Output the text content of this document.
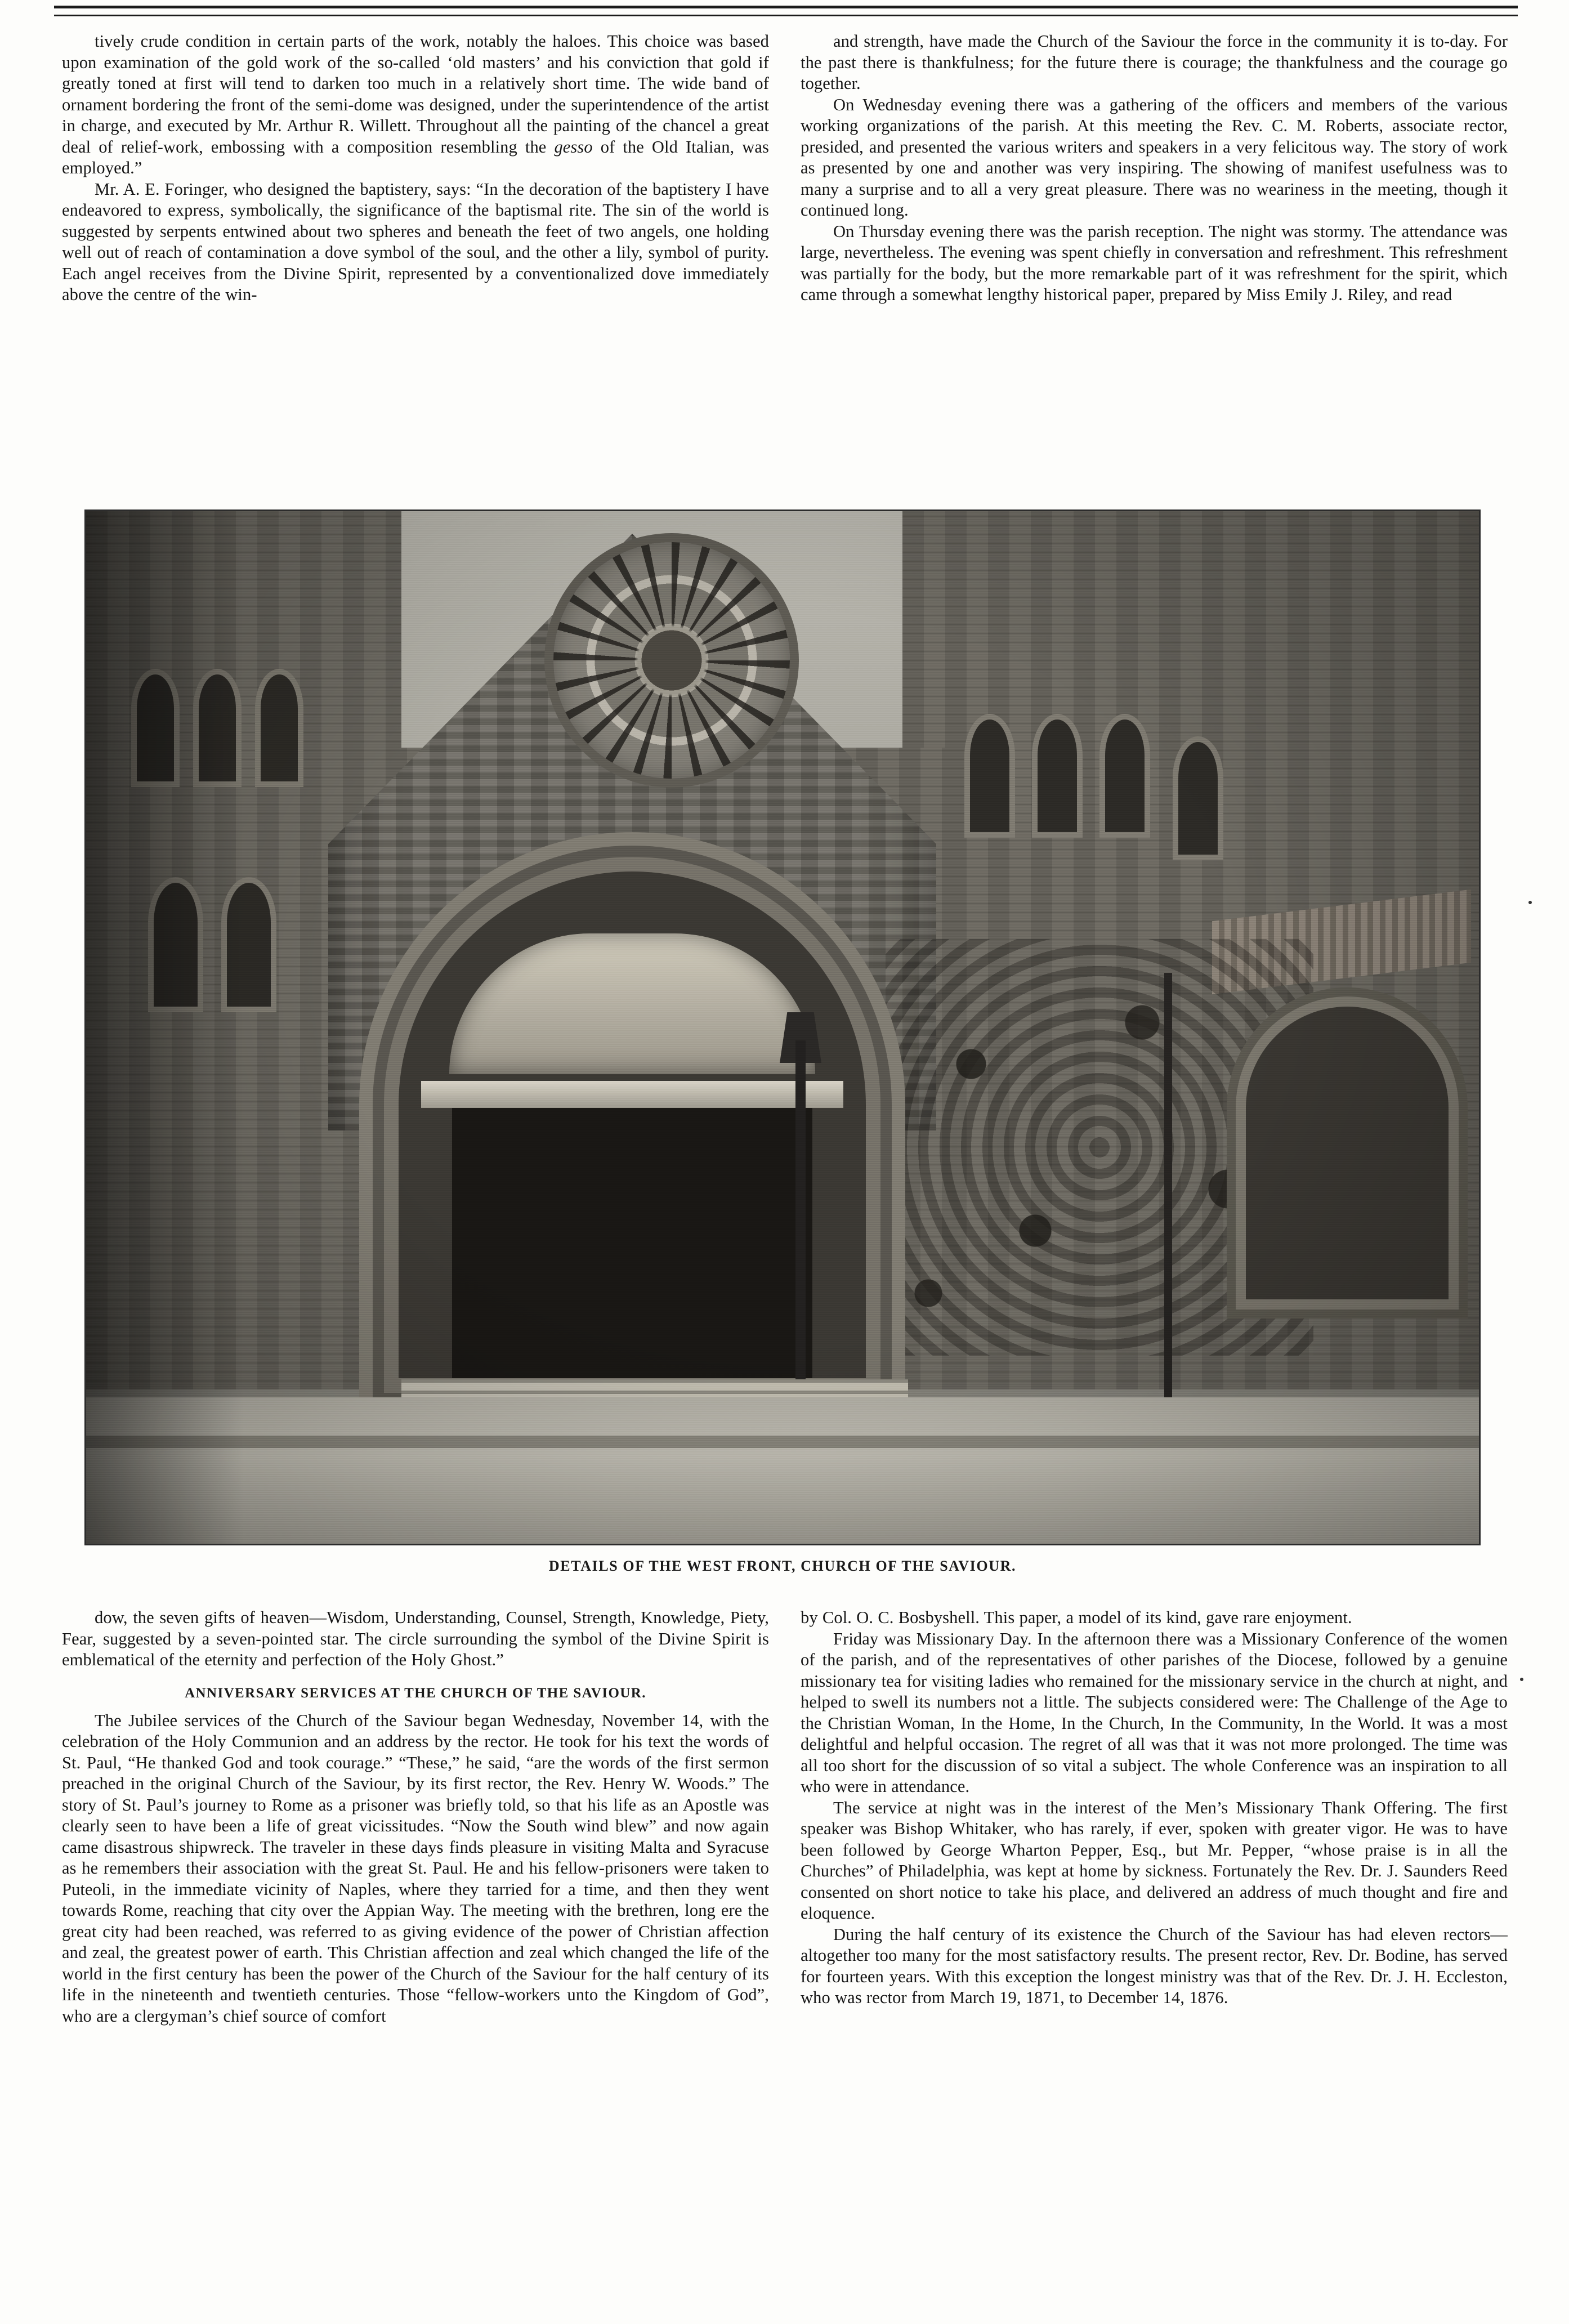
tively crude condition in certain parts of the work, notably the haloes. This choice was based upon examination of the gold work of the so-called ‘old masters’ and his conviction that gold if greatly toned at first will tend to darken too much in a relatively short time. The wide band of ornament bordering the front of the semi-dome was designed, under the superintendence of the artist in charge, and executed by Mr. Arthur R. Willett. Throughout all the painting of the chancel a great deal of relief-work, embossing with a composition resembling the gesso of the Old Italian, was employed.”

Mr. A. E. Foringer, who designed the baptistery, says: “In the decoration of the baptistery I have endeavored to express, symbolically, the significance of the baptismal rite. The sin of the world is suggested by serpents entwined about two spheres and beneath the feet of two angels, one holding well out of reach of contamination a dove symbol of the soul, and the other a lily, symbol of purity. Each angel receives from the Divine Spirit, represented by a conventionalized dove immediately above the centre of the win-

and strength, have made the Church of the Saviour the force in the community it is to-day. For the past there is thankfulness; for the future there is courage; the thankfulness and the courage go together.

On Wednesday evening there was a gathering of the officers and members of the various working organizations of the parish. At this meeting the Rev. C. M. Roberts, associate rector, presided, and presented the various writers and speakers in a very felicitous way. The story of work as presented by one and another was very inspiring. The showing of manifest usefulness was to many a surprise and to all a very great pleasure. There was no weariness in the meeting, though it continued long.

On Thursday evening there was the parish reception. The night was stormy. The attendance was large, nevertheless. The evening was spent chiefly in conversation and refreshment. This refreshment was partially for the body, but the more remarkable part of it was refreshment for the spirit, which came through a somewhat lengthy historical paper, prepared by Miss Emily J. Riley, and read

DETAILS OF THE WEST FRONT, CHURCH OF THE SAVIOUR.

dow, the seven gifts of heaven—Wisdom, Understanding, Counsel, Strength, Knowledge, Piety, Fear, suggested by a seven-pointed star. The circle surrounding the symbol of the Divine Spirit is emblematical of the eternity and perfection of the Holy Ghost.”

ANNIVERSARY SERVICES AT THE CHURCH OF THE SAVIOUR.

The Jubilee services of the Church of the Saviour began Wednesday, November 14, with the celebration of the Holy Communion and an address by the rector. He took for his text the words of St. Paul, “He thanked God and took courage.” “These,” he said, “are the words of the first sermon preached in the original Church of the Saviour, by its first rector, the Rev. Henry W. Woods.” The story of St. Paul’s journey to Rome as a prisoner was briefly told, so that his life as an Apostle was clearly seen to have been a life of great vicissitudes. “Now the South wind blew” and now again came disastrous shipwreck. The traveler in these days finds pleasure in visiting Malta and Syracuse as he remembers their association with the great St. Paul. He and his fellow-prisoners were taken to Puteoli, in the immediate vicinity of Naples, where they tarried for a time, and then they went towards Rome, reaching that city over the Appian Way. The meeting with the brethren, long ere the great city had been reached, was referred to as giving evidence of the power of Christian affection and zeal, the greatest power of earth. This Christian affection and zeal which changed the life of the world in the first century has been the power of the Church of the Saviour for the half century of its life in the nineteenth and twentieth centuries. Those “fellow-workers unto the Kingdom of God”, who are a clergyman’s chief source of comfort

by Col. O. C. Bosbyshell. This paper, a model of its kind, gave rare enjoyment.

Friday was Missionary Day. In the afternoon there was a Missionary Conference of the women of the parish, and of the representatives of other parishes of the Diocese, followed by a genuine missionary tea for visiting ladies who remained for the missionary service in the church at night, and helped to swell its numbers not a little. The subjects considered were: The Challenge of the Age to the Christian Woman, In the Home, In the Church, In the Community, In the World. It was a most delightful and helpful occasion. The regret of all was that it was not more prolonged. The time was all too short for the discussion of so vital a subject. The whole Conference was an inspiration to all who were in attendance.

The service at night was in the interest of the Men’s Missionary Thank Offering. The first speaker was Bishop Whitaker, who has rarely, if ever, spoken with greater vigor. He was to have been followed by George Wharton Pepper, Esq., but Mr. Pepper, “whose praise is in all the Churches” of Philadelphia, was kept at home by sickness. Fortunately the Rev. Dr. J. Saunders Reed consented on short notice to take his place, and delivered an address of much thought and fire and eloquence.

During the half century of its existence the Church of the Saviour has had eleven rectors—altogether too many for the most satisfactory results. The present rector, Rev. Dr. Bodine, has served for fourteen years. With this exception the longest ministry was that of the Rev. Dr. J. H. Eccleston, who was rector from March 19, 1871, to December 14, 1876.
